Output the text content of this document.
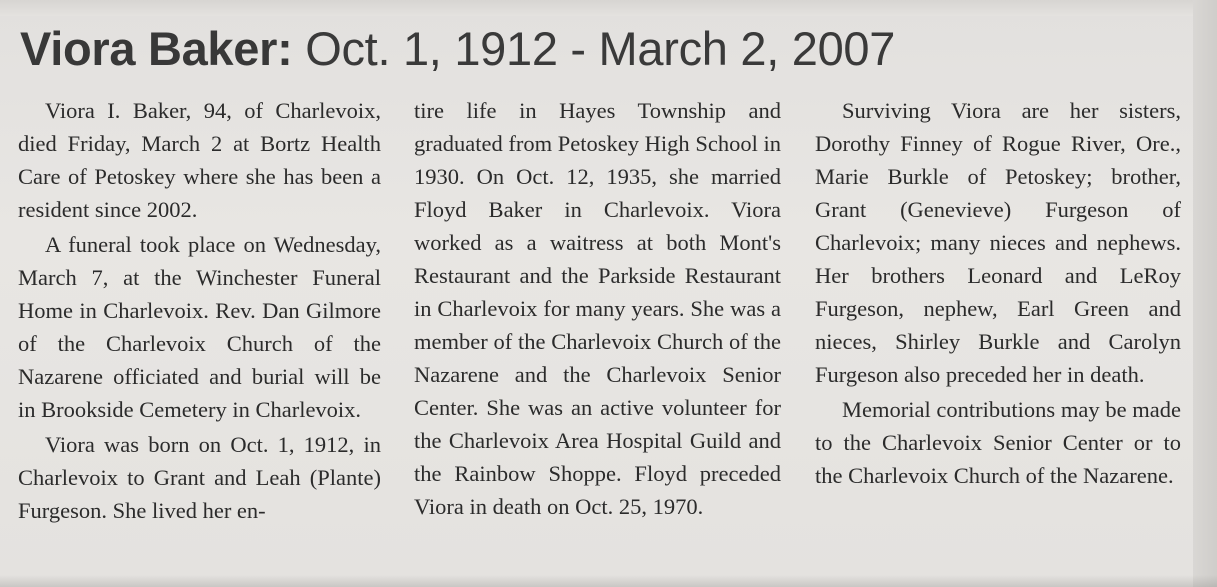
Viora Baker: Oct. 1, 1912 - March 2, 2007

Viora I. Baker, 94, of Charlevoix, died Friday, March 2 at Bortz Health Care of Petoskey where she has been a resident since 2002.

A funeral took place on Wednesday, March 7, at the Winchester Funeral Home in Charlevoix. Rev. Dan Gilmore of the Charlevoix Church of the Nazarene officiated and burial will be in Brookside Cemetery in Charlevoix.

Viora was born on Oct. 1, 1912, in Charlevoix to Grant and Leah (Plante) Furgeson. She lived her en-

tire life in Hayes Township and graduated from Petoskey High School in 1930. On Oct. 12, 1935, she married Floyd Baker in Charlevoix. Viora worked as a waitress at both Mont's Restaurant and the Parkside Restaurant in Charlevoix for many years. She was a member of the Charlevoix Church of the Nazarene and the Charlevoix Senior Center. She was an active volunteer for the Charlevoix Area Hospital Guild and the Rainbow Shoppe. Floyd preceded Viora in death on Oct. 25, 1970.

Surviving Viora are her sisters, Dorothy Finney of Rogue River, Ore., Marie Burkle of Petoskey; brother, Grant (Genevieve) Furgeson of Charlevoix; many nieces and nephews. Her brothers Leonard and LeRoy Furgeson, nephew, Earl Green and nieces, Shirley Burkle and Carolyn Furgeson also preceded her in death.

Memorial contributions may be made to the Charlevoix Senior Center or to the Charlevoix Church of the Nazarene.
